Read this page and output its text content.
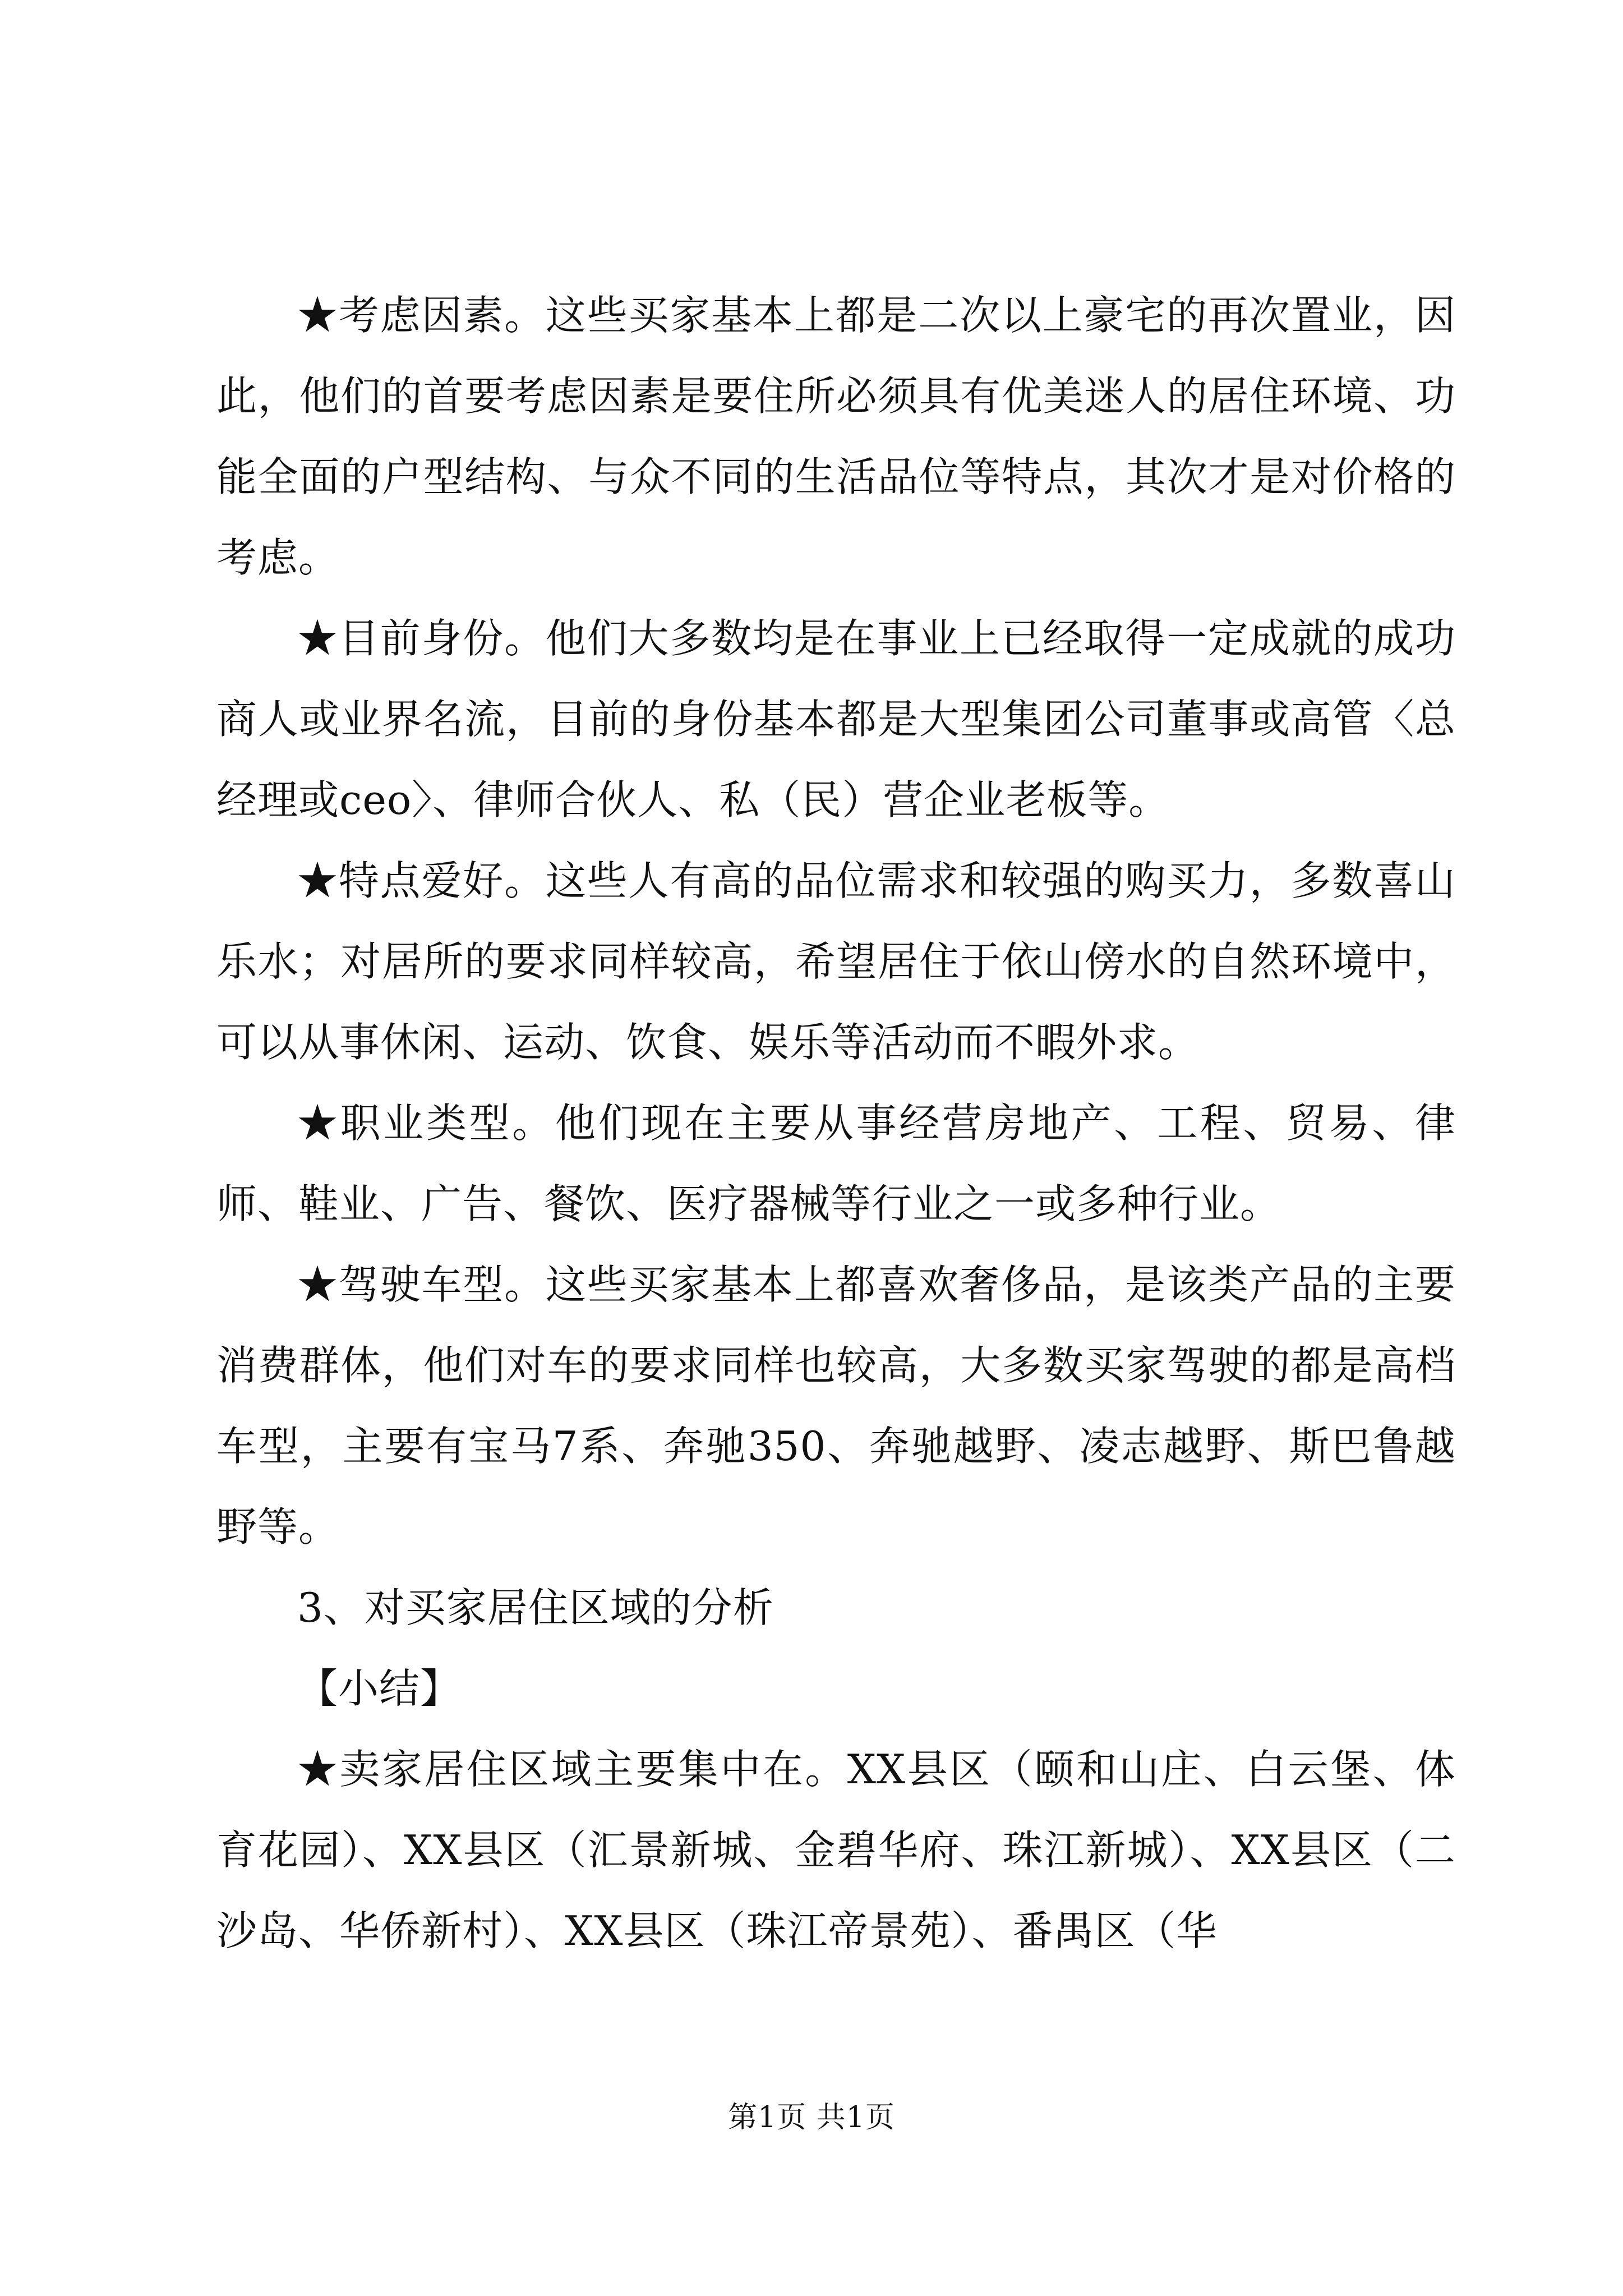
★考虑因素。这些买家基本上都是二次以上豪宅的再次置业，因此，他们的首要考虑因素是要住所必须具有优美迷人的居住环境、功能全面的户型结构、与众不同的生活品位等特点，其次才是对价格的考虑。

★目前身份。他们大多数均是在事业上已经取得一定成就的成功商人或业界名流，目前的身份基本都是大型集团公司董事或高管〈总经理或ceo〉、律师合伙人、私（民）营企业老板等。

★特点爱好。这些人有高的品位需求和较强的购买力，多数喜山乐水；对居所的要求同样较高，希望居住于依山傍水的自然环境中，可以从事休闲、运动、饮食、娱乐等活动而不暇外求。

★职业类型。他们现在主要从事经营房地产、工程、贸易、律师、鞋业、广告、餐饮、医疗器械等行业之一或多种行业。

★驾驶车型。这些买家基本上都喜欢奢侈品，是该类产品的主要消费群体，他们对车的要求同样也较高，大多数买家驾驶的都是高档车型，主要有宝马7系、奔驰350、奔驰越野、凌志越野、斯巴鲁越野等。

3、对买家居住区域的分析

【小结】

★卖家居住区域主要集中在。XX县区（颐和山庄、白云堡、体育花园）、XX县区（汇景新城、金碧华府、珠江新城）、XX县区（二沙岛、华侨新村）、XX县区（珠江帝景苑）、番禺区（华

第1页 共1页
